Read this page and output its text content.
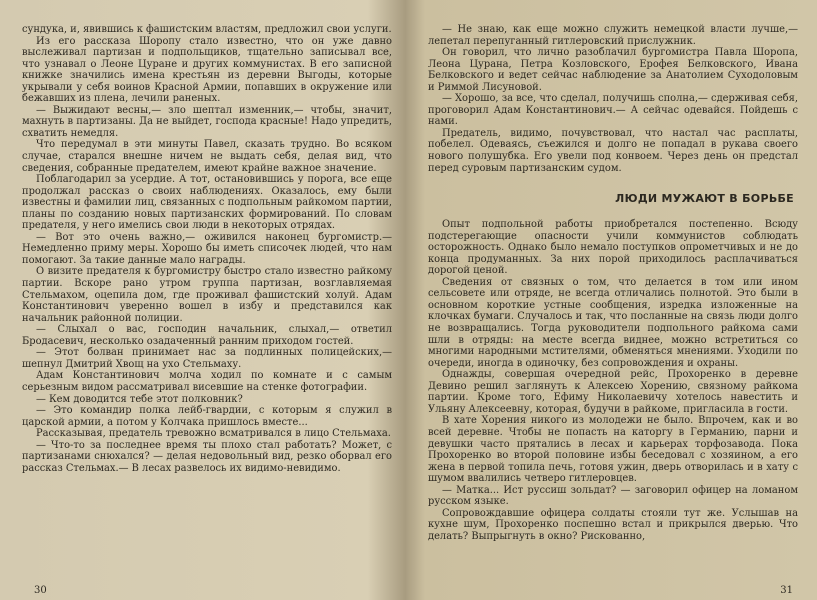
сундука, и, явившись к фашистским властям, предложил свои услуги.

Из его рассказа Шоропу стало известно, что он уже давно выслеживал партизан и подпольщиков, тщательно записывал все, что узнавал о Леоне Цуране и других коммунистах. В его записной книжке значились имена крестьян из деревни Выгоды, которые укрывали у себя воинов Красной Армии, попавших в окружение или бежавших из плена, лечили раненых.

— Выжидают весны,— зло шептал изменник,— чтобы, значит, махнуть в партизаны. Да не выйдет, господа красные! Надо упредить, схватить немедля.

Что передумал в эти минуты Павел, сказать трудно. Во всяком случае, старался внешне ничем не выдать себя, делая вид, что сведения, собранные предателем, имеют крайне важное значение.

Поблагодарил за усердие. А тот, остановившись у порога, все еще продолжал рассказ о своих наблюдениях. Оказалось, ему были известны и фамилии лиц, связанных с подпольным райкомом партии, планы по созданию новых партизанских формирований. По словам предателя, у него имелись свои люди в некоторых отрядах.

— Вот это очень важно,— оживился наконец бургомистр.— Немедленно приму меры. Хорошо бы иметь списочек людей, что нам помогают. За такие данные мало награды.

О визите предателя к бургомистру быстро стало известно райкому партии. Вскоре рано утром группа партизан, возглавляемая Стельмахом, оцепила дом, где проживал фашистский холуй. Адам Константинович уверенно вошел в избу и представился как начальник районной полиции.

— Слыхал о вас, господин начальник, слыхал,— ответил Бродасевич, несколько озадаченный ранним приходом гостей.

— Этот болван принимает нас за подлинных полицейских,— шепнул Дмитрий Хвощ на ухо Стельмаху.

Адам Константинович молча ходил по комнате и с самым серьезным видом рассматривал висевшие на стенке фотографии.

— Кем доводится тебе этот полковник?

— Это командир полка лейб-гвардии, с которым я служил в царской армии, а потом у Колчака пришлось вместе...

Рассказывая, предатель тревожно всматривался в лицо Стельмаха.

— Что-то за последнее время ты плохо стал работать? Может, с партизанами снюхался? — делая недовольный вид, резко оборвал его рассказ Стельмах.— В лесах развелось их видимо-невидимо.

30

— Не знаю, как еще можно служить немецкой власти лучше,— лепетал перепуганный гитлеровский прислужник.

Он говорил, что лично разоблачил бургомистра Павла Шоропа, Леона Цурана, Петра Козловского, Ерофея Белковского, Ивана Белковского и ведет сейчас наблюдение за Анатолием Суходоловым и Риммой Лисуновой.

— Хорошо, за все, что сделал, получишь сполна,— сдерживая себя, проговорил Адам Константинович.— А сейчас одевайся. Пойдешь с нами.

Предатель, видимо, почувствовал, что настал час расплаты, побелел. Одеваясь, съежился и долго не попадал в рукава своего нового полушубка. Его увели под конвоем. Через день он предстал перед суровым партизанским судом.

ЛЮДИ МУЖАЮТ В БОРЬБЕ

Опыт подпольной работы приобретался постепенно. Всюду подстерегающие опасности учили коммунистов соблюдать осторожность. Однако было немало поступков опрометчивых и не до конца продуманных. За них порой приходилось расплачиваться дорогой ценой.

Сведения от связных о том, что делается в том или ином сельсовете или отряде, не всегда отличались полнотой. Это были в основном короткие устные сообщения, изредка изложенные на клочках бумаги. Случалось и так, что посланные на связь люди долго не возвращались. Тогда руководители подпольного райкома сами шли в отряды: на месте всегда виднее, можно встретиться со многими народными мстителями, обменяться мнениями. Уходили по очереди, иногда в одиночку, без сопровождения и охраны.

Однажды, совершая очередной рейс, Прохоренко в деревне Девино решил заглянуть к Алексею Хорению, связному райкома партии. Кроме того, Ефиму Николаевичу хотелось навестить и Ульяну Алексеевну, которая, будучи в райкоме, пригласила в гости.

В хате Хорения никого из молодежи не было. Впрочем, как и во всей деревне. Чтобы не попасть на каторгу в Германию, парни и девушки часто прятались в лесах и карьерах торфозавода. Пока Прохоренко во второй половине избы беседовал с хозяином, а его жена в первой топила печь, готовя ужин, дверь отворилась и в хату с шумом ввалились четверо гитлеровцев.

— Матка... Ист руссиш зольдат? — заговорил офицер на ломаном русском языке.

Сопровождавшие офицера солдаты стояли тут же. Услышав на кухне шум, Прохоренко поспешно встал и прикрылся дверью. Что делать? Выпрыгнуть в окно? Рискованно,

31
